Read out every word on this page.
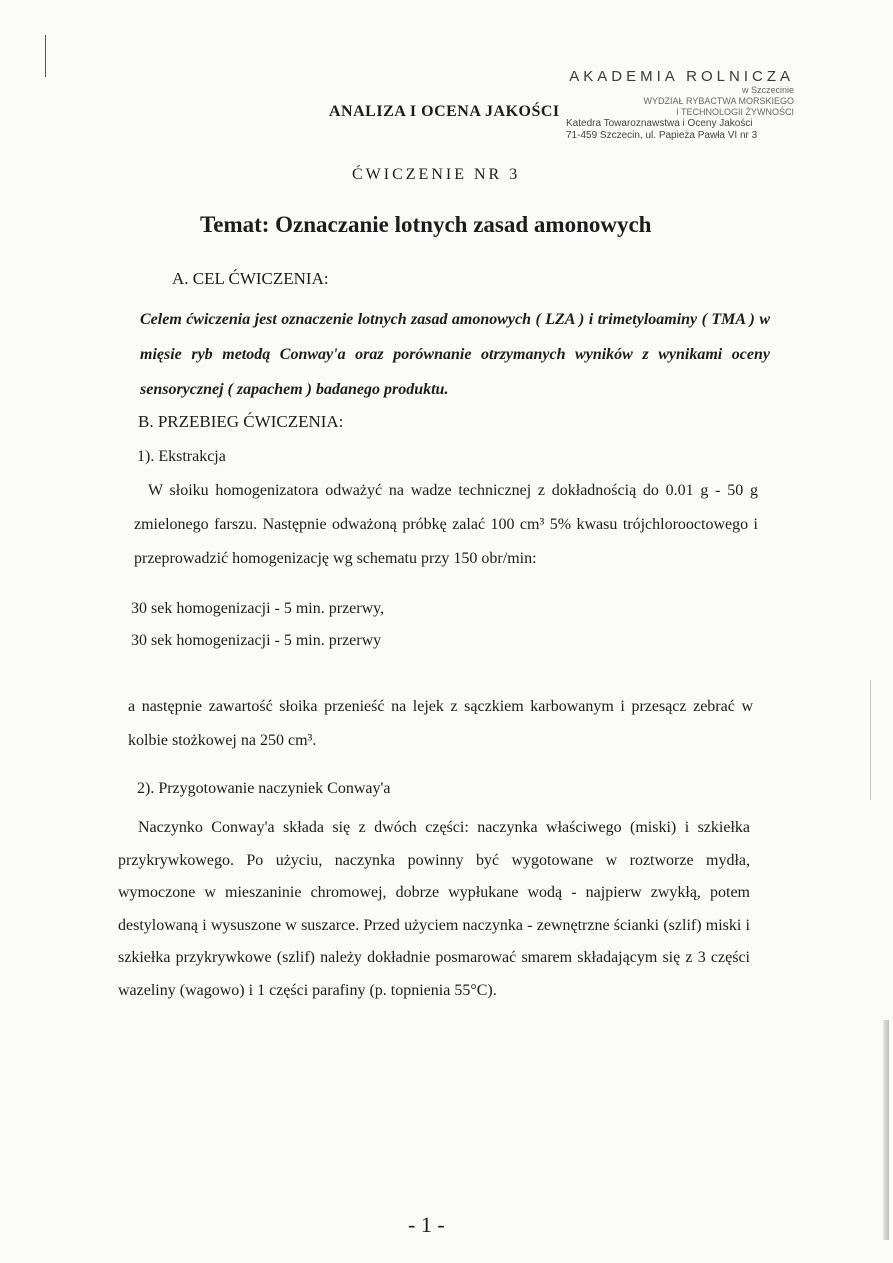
AKADEMIA ROLNICZA
w Szczecinie
WYDZIAŁ RYBACTWA MORSKIEGO
I TECHNOLOGII ŻYWNOŚCI
Katedra Towaroznawstwa i Oceny Jakości
71-459 Szczecin, ul. Papieża Pawła VI nr 3
ANALIZA I OCENA JAKOŚCI
ĆWICZENIE NR 3
Temat: Oznaczanie lotnych zasad amonowych
A. CEL ĆWICZENIA:
Celem ćwiczenia jest oznaczenie lotnych zasad amonowych ( LZA ) i trimetyloaminy ( TMA ) w mięsie ryb metodą Conway'a oraz porównanie otrzymanych wyników z wynikami oceny sensorycznej ( zapachem ) badanego produktu.
B. PRZEBIEG ĆWICZENIA:
1). Ekstrakcja
W słoiku homogenizatora odważyć na wadze technicznej z dokładnością do 0.01 g - 50 g zmielonego farszu. Następnie odważoną próbkę zalać 100 cm³ 5% kwasu trójchlorooctowego i przeprowadzić homogenizację wg schematu przy 150 obr/min:
30 sek homogenizacji - 5 min. przerwy,
30 sek homogenizacji - 5 min. przerwy
a następnie zawartość słoika przenieść na lejek z sączkiem karbowanym i przesącz zebrać w kolbie stożkowej na 250 cm³.
2). Przygotowanie naczyniek Conway'a
Naczynko Conway'a składa się z dwóch części: naczynka właściwego (miski) i szkiełka przykrywkowego. Po użyciu, naczynka powinny być wygotowane w roztworze mydła, wymoczone w mieszaninie chromowej, dobrze wypłukane wodą - najpierw zwykłą, potem destylowaną i wysuszone w suszarce. Przed użyciem naczynka - zewnętrzne ścianki (szlif) miski i szkiełka przykrywkowe (szlif) należy dokładnie posmarować smarem składającym się z 3 części wazeliny (wagowo) i 1 części parafiny (p. topnienia 55°C).
- 1 -
